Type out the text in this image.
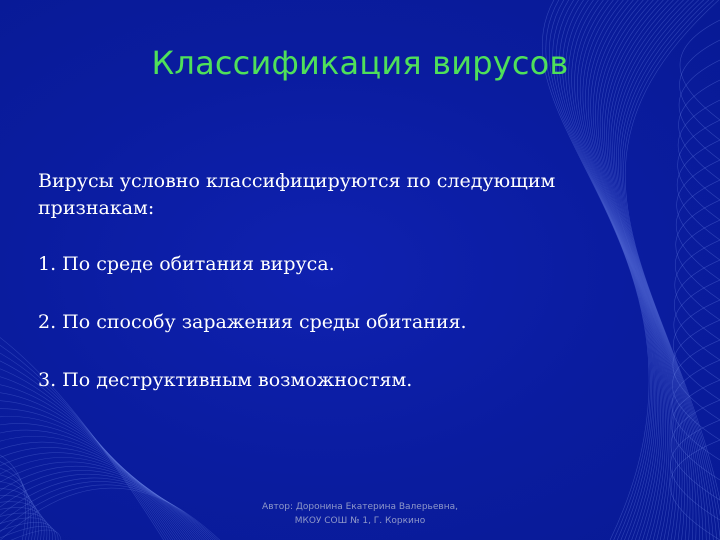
Классификация вирусов

Вирусы условно классифицируются по следующим признакам:

1. По среде обитания вируса.

2. По способу заражения среды обитания.

3. По деструктивным возможностям.

Автор: Доронина Екатерина Валерьевна,
МКОУ СОШ № 1, Г. Коркино
